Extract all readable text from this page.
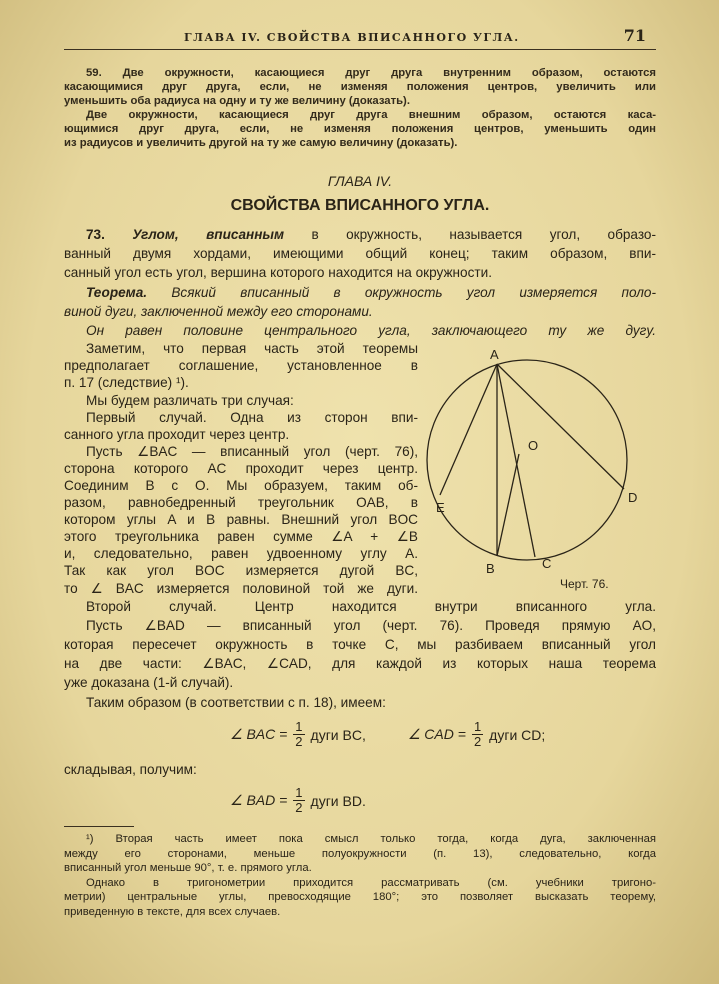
ГЛАВА IV. СВОЙСТВА ВПИСАННОГО УГЛА.	71
59. Две окружности, касающиеся друг друга внутренним образом, остаются
касающимися друг друга, если, не изменяя положения центров, увеличить или
уменьшить оба радиуса на одну и ту же величину (доказать).
Две окружности, касающиеся друг друга внешним образом, остаются каса-
ющимися друг друга, если, не изменяя положения центров, уменьшить один
из радиусов и увеличить другой на ту же самую величину (доказать).
ГЛАВА IV.
СВОЙСТВА ВПИСАННОГО УГЛА.
73. Углом, вписанным в окружность, называется угол, образо-
ванный двумя хордами, имеющими общий конец; таким образом, впи-
санный угол есть угол, вершина которого находится на окружности.
Теорема. Всякий вписанный в окружность угол измеряется поло-
виной дуги, заключенной между его сторонами.
Он равен половине центрального угла, заключающего ту же дугу.
Заметим, что первая часть этой теоремы
предполагает соглашение, установленное в
п. 17 (следствие) ¹).
Мы будем различать три случая:
Первый случай. Одна из сторон впи-
санного угла проходит через центр.
Пусть ∠BAC — вписанный угол (черт. 76),
сторона которого AC проходит через центр.
Соединим B с O. Мы образуем, таким об-
разом, равнобедренный треугольник OAB, в
котором углы A и B равны. Внешний угол BOC
этого треугольника равен сумме ∠A + ∠B
и, следовательно, равен удвоенному углу A.
Так как угол BOC измеряется дугой BC,
то ∠ BAC измеряется половиной той же дуги.
Второй случай. Центр находится внутри вписанного угла.
Пусть ∠BAD — вписанный угол (черт. 76). Проведя прямую AO,
которая пересечет окружность в точке C, мы разбиваем вписанный угол
на две части: ∠BAC, ∠CAD, для каждой из которых наша теорема
уже доказана (1-й случай).
Таким образом (в соответствии с п. 18), имеем:
∠ BAC = $\frac{1}{2}$ дуги BC,	∠ CAD = $\frac{1}{2}$ дуги CD;
складывая, получим:
∠ BAD = $\frac{1}{2}$ дуги BD.
A
O
B	C
D
E
Черт. 76.
¹) Вторая часть имеет пока смысл только тогда, когда дуга, заключенная
между его сторонами, меньше полуокружности (п. 13), следовательно, когда
вписанный угол меньше 90°, т. е. прямого угла.
Однако в тригонометрии приходится рассматривать (см. учебники тригоно-
метрии) центральные углы, превосходящие 180°; это позволяет высказать теорему,
приведенную в тексте, для всех случаев.
